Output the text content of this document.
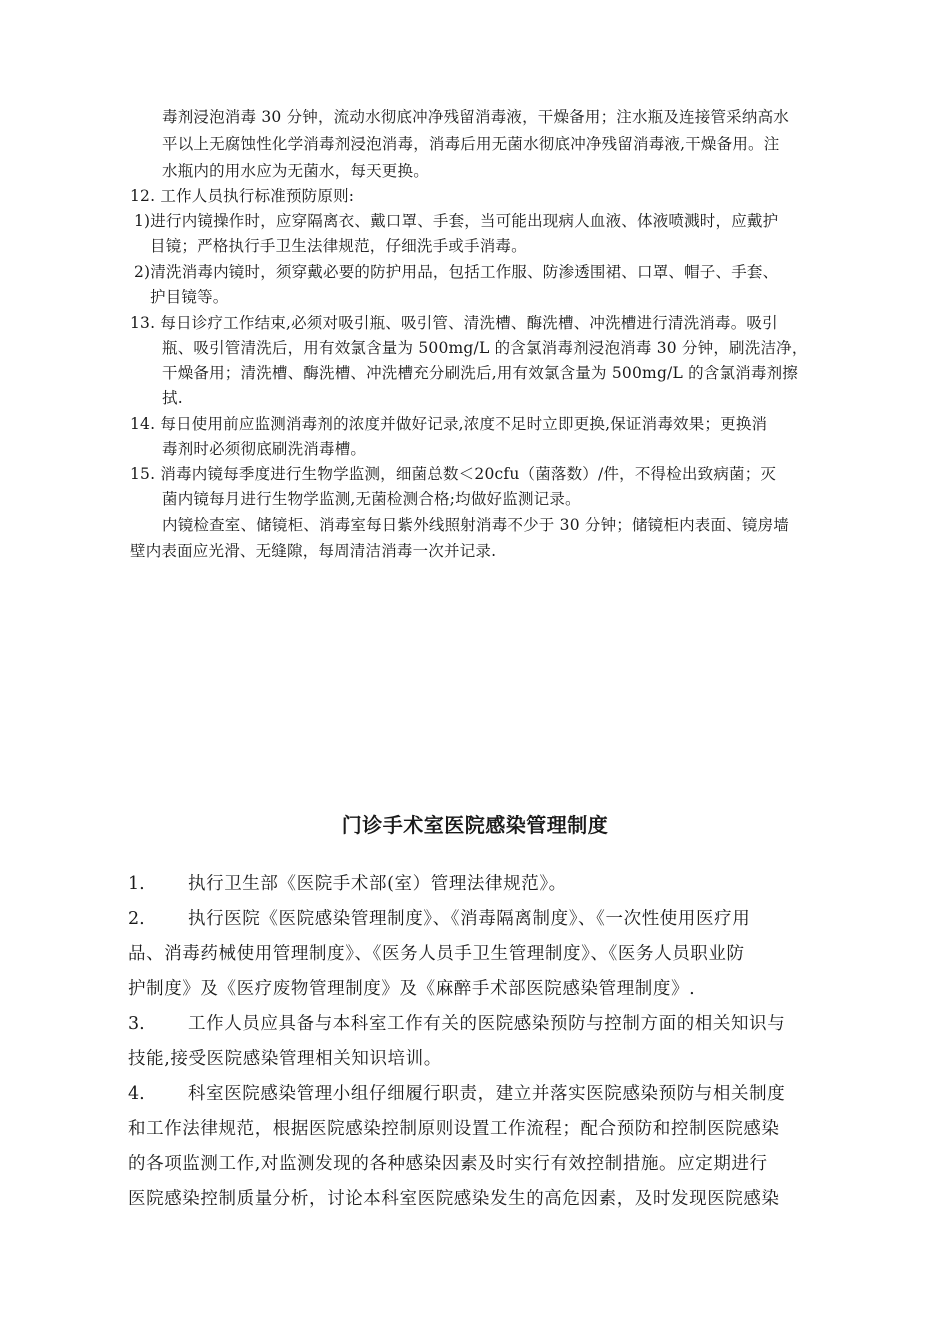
毒剂浸泡消毒 30 分钟，流动水彻底冲净残留消毒液，干燥备用；注水瓶及连接管采纳高水
平以上无腐蚀性化学消毒剂浸泡消毒，消毒后用无菌水彻底冲净残留消毒液,干燥备用。注
水瓶内的用水应为无菌水，每天更换。
12. 工作人员执行标准预防原则:
1)进行内镜操作时，应穿隔离衣、戴口罩、手套，当可能出现病人血液、体液喷溅时，应戴护
目镜；严格执行手卫生法律规范，仔细洗手或手消毒。
2)清洗消毒内镜时，须穿戴必要的防护用品，包括工作服、防渗透围裙、口罩、帽子、手套、
护目镜等。
13. 每日诊疗工作结束,必须对吸引瓶、吸引管、清洗槽、酶洗槽、冲洗槽进行清洗消毒。吸引
瓶、吸引管清洗后，用有效氯含量为 500mg/L 的含氯消毒剂浸泡消毒 30 分钟，刷洗洁净，
干燥备用；清洗槽、酶洗槽、冲洗槽充分刷洗后,用有效氯含量为 500mg/L 的含氯消毒剂擦
拭.
14. 每日使用前应监测消毒剂的浓度并做好记录,浓度不足时立即更换,保证消毒效果；更换消
毒剂时必须彻底刷洗消毒槽。
15. 消毒内镜每季度进行生物学监测，细菌总数＜20cfu（菌落数）/件，不得检出致病菌；灭
菌内镜每月进行生物学监测,无菌检测合格;均做好监测记录。
内镜检查室、储镜柜、消毒室每日紫外线照射消毒不少于 30 分钟；储镜柜内表面、镜房墙
壁内表面应光滑、无缝隙，每周清洁消毒一次并记录.
门诊手术室医院感染管理制度
1. 执行卫生部《医院手术部(室）管理法律规范》。
2. 执行医院《医院感染管理制度》、《消毒隔离制度》、《一次性使用医疗用
品、消毒药械使用管理制度》、《医务人员手卫生管理制度》、《医务人员职业防
护制度》及《医疗废物管理制度》及《麻醉手术部医院感染管理制度》.
3. 工作人员应具备与本科室工作有关的医院感染预防与控制方面的相关知识与
技能,接受医院感染管理相关知识培训。
4. 科室医院感染管理小组仔细履行职责，建立并落实医院感染预防与相关制度
和工作法律规范，根据医院感染控制原则设置工作流程；配合预防和控制医院感染
的各项监测工作,对监测发现的各种感染因素及时实行有效控制措施。应定期进行
医院感染控制质量分析，讨论本科室医院感染发生的高危因素，及时发现医院感染
